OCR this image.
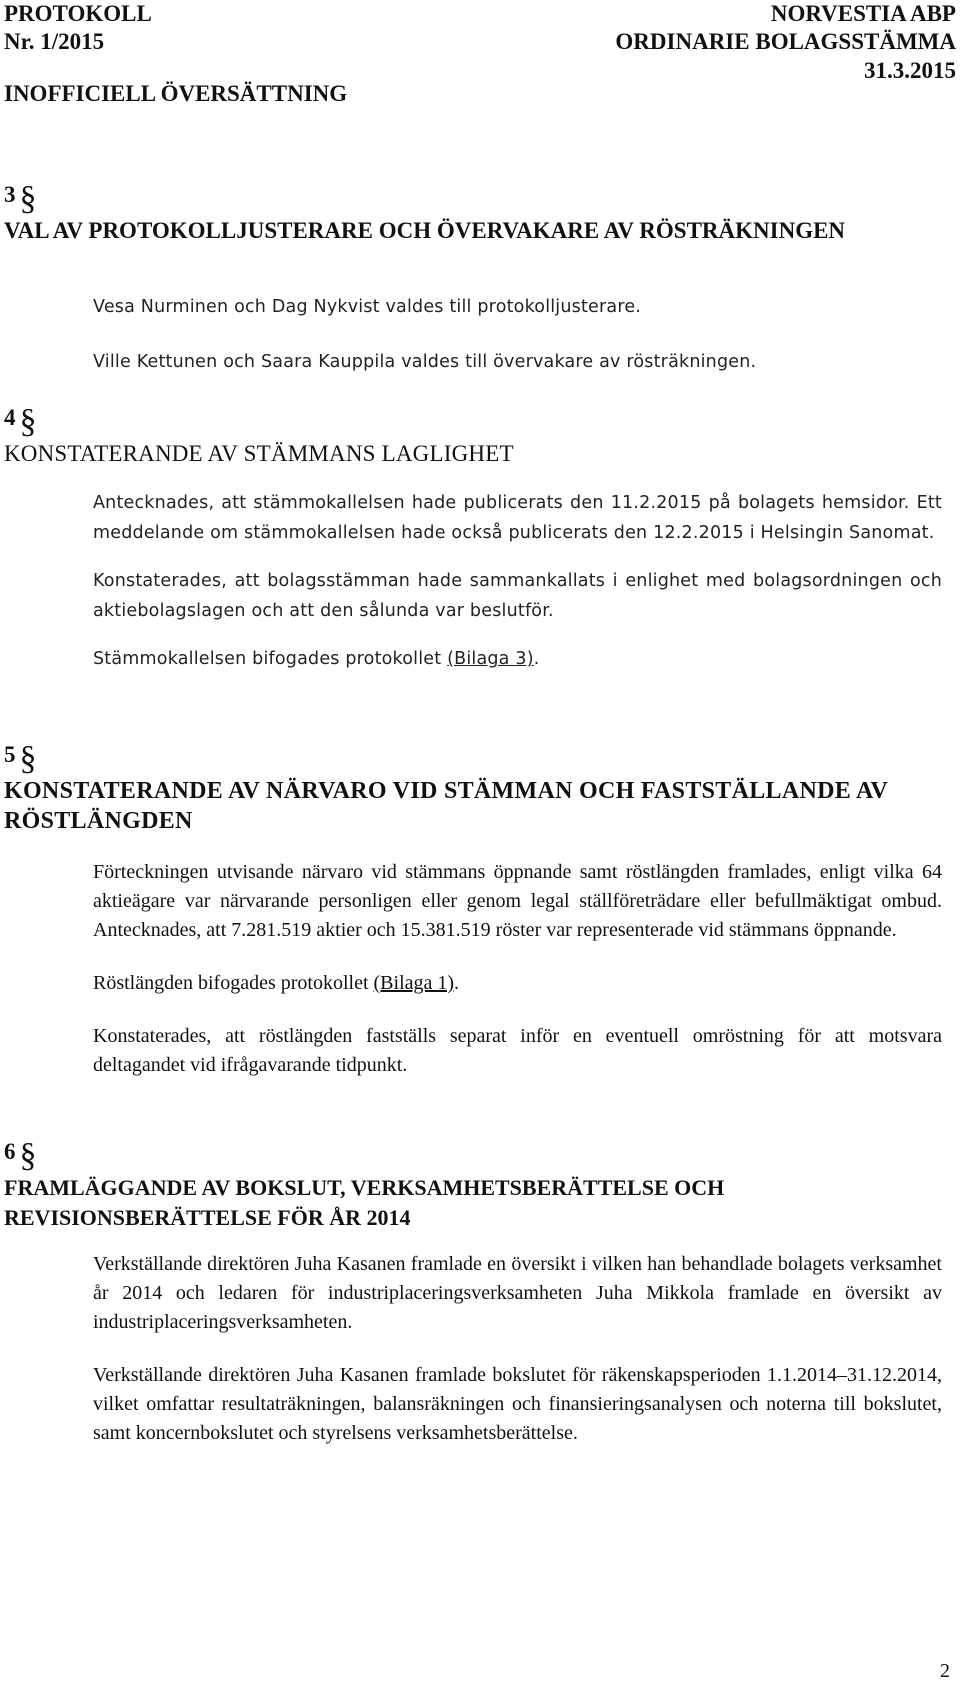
PROTOKOLL
Nr. 1/2015
NORVESTIA ABP
ORDINARIE BOLAGSSTÄMMA
31.3.2015
INOFFICIELL ÖVERSÄTTNING
3 §
VAL AV PROTOKOLLJUSTERARE OCH ÖVERVAKARE AV RÖSTRÄKNINGEN

Vesa Nurminen och Dag Nykvist valdes till protokolljusterare.

Ville Kettunen och Saara Kauppila valdes till övervakare av rösträkningen.

4 §
KONSTATERANDE AV STÄMMANS LAGLIGHET

Antecknades, att stämmokallelsen hade publicerats den 11.2.2015 på bolagets hemsidor. Ett meddelande om stämmokallelsen hade också publicerats den 12.2.2015 i Helsingin Sanomat.

Konstaterades, att bolagsstämman hade sammankallats i enlighet med bolagsordningen och aktiebolagslagen och att den sålunda var beslutför.

Stämmokallelsen bifogades protokollet (Bilaga 3).

5 §
KONSTATERANDE AV NÄRVARO VID STÄMMAN OCH FASTSTÄLLANDE AV RÖSTLÄNGDEN

Förteckningen utvisande närvaro vid stämmans öppnande samt röstlängden framlades, enligt vilka 64 aktieägare var närvarande personligen eller genom legal ställföreträdare eller befullmäktigat ombud. Antecknades, att 7.281.519 aktier och 15.381.519 röster var representerade vid stämmans öppnande.

Röstlängden bifogades protokollet (Bilaga 1).

Konstaterades, att röstlängden fastställs separat inför en eventuell omröstning för att motsvara deltagandet vid ifrågavarande tidpunkt.

6 §
FRAMLÄGGANDE AV BOKSLUT, VERKSAMHETSBERÄTTELSE OCH REVISIONSBERÄTTELSE FÖR ÅR 2014

Verkställande direktören Juha Kasanen framlade en översikt i vilken han behandlade bolagets verksamhet år 2014 och ledaren för industriplaceringsverksamheten Juha Mikkola framlade en översikt av industriplaceringsverksamheten.

Verkställande direktören Juha Kasanen framlade bokslutet för räkenskapsperioden 1.1.2014–31.12.2014, vilket omfattar resultaträkningen, balansräkningen och finansieringsanalysen och noterna till bokslutet, samt koncernbokslutet och styrelsens verksamhetsberättelse.

2
